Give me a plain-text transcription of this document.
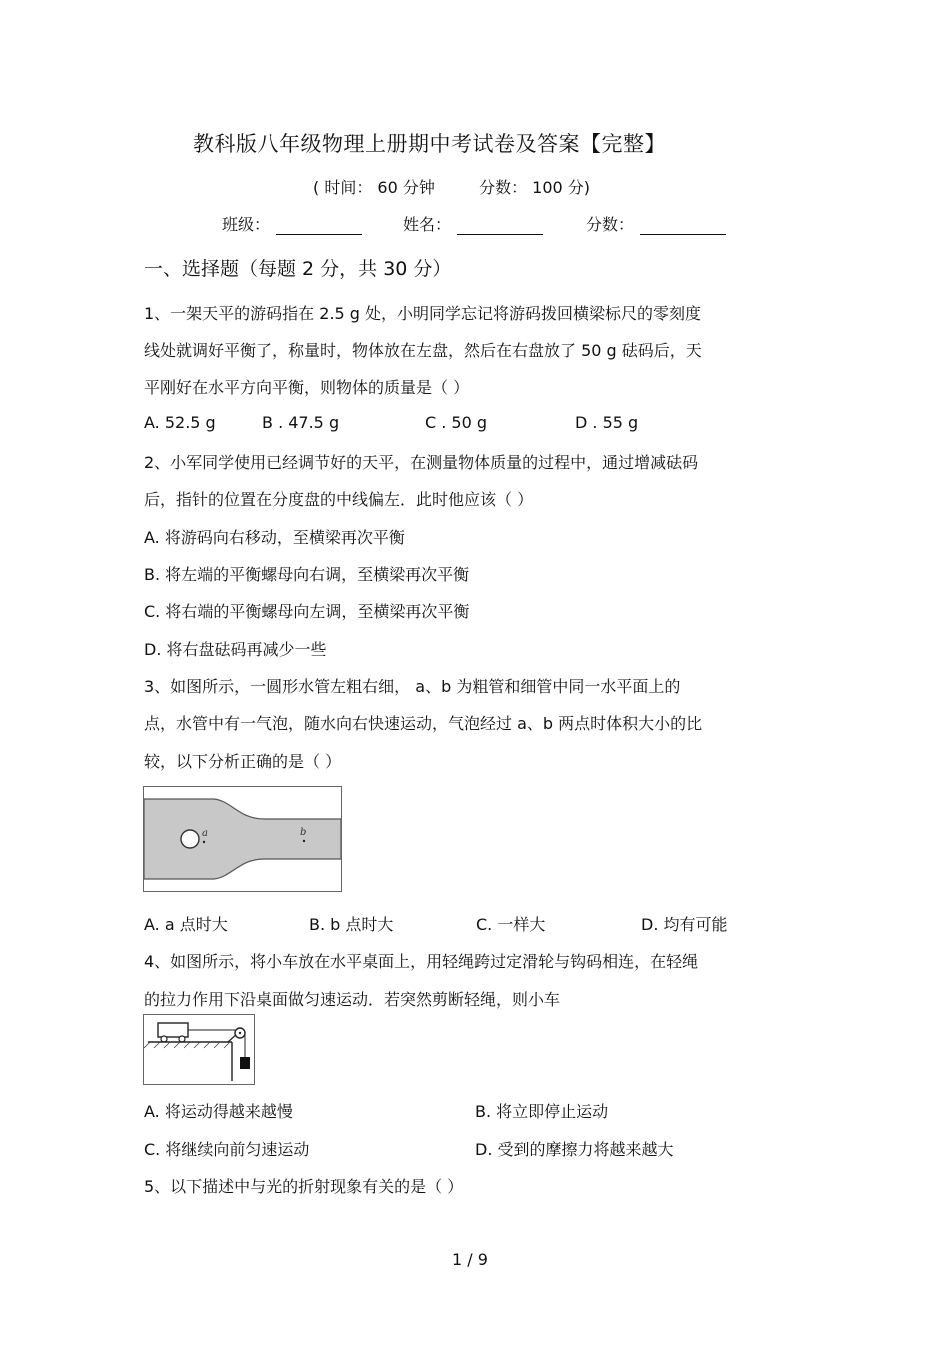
教科版八年级物理上册期中考试卷及答案【完整】
( 时间： 60 分钟	分数： 100 分)
班级：	姓名：	分数：
一、选择题（每题 2 分，共 30 分）
1、一架天平的游码指在 2.5 g 处，小明同学忘记将游码拨回横梁标尺的零刻度
线处就调好平衡了，称量时，物体放在左盘，然后在右盘放了 50 g 砝码后，天
平刚好在水平方向平衡，则物体的质量是（ ）
A. 52.5 g	B . 47.5 g	C . 50 g	D . 55 g
2、小军同学使用已经调节好的天平，在测量物体质量的过程中，通过增减砝码
后，指针的位置在分度盘的中线偏左．此时他应该（ ）
A. 将游码向右移动，至横梁再次平衡
B. 将左端的平衡螺母向右调，至横梁再次平衡
C. 将右端的平衡螺母向左调，至横梁再次平衡
D. 将右盘砝码再减少一些
3、如图所示，一圆形水管左粗右细， a、b 为粗管和细管中同一水平面上的
点，水管中有一气泡，随水向右快速运动，气泡经过 a、b 两点时体积大小的比
较，以下分析正确的是（ ）
a	b
A. a 点时大	B. b 点时大	C. 一样大	D. 均有可能
4、如图所示，将小车放在水平桌面上，用轻绳跨过定滑轮与钩码相连，在轻绳
的拉力作用下沿桌面做匀速运动．若突然剪断轻绳，则小车
A. 将运动得越来越慢	B. 将立即停止运动
C. 将继续向前匀速运动	D. 受到的摩擦力将越来越大
5、以下描述中与光的折射现象有关的是（ ）
1 / 9
